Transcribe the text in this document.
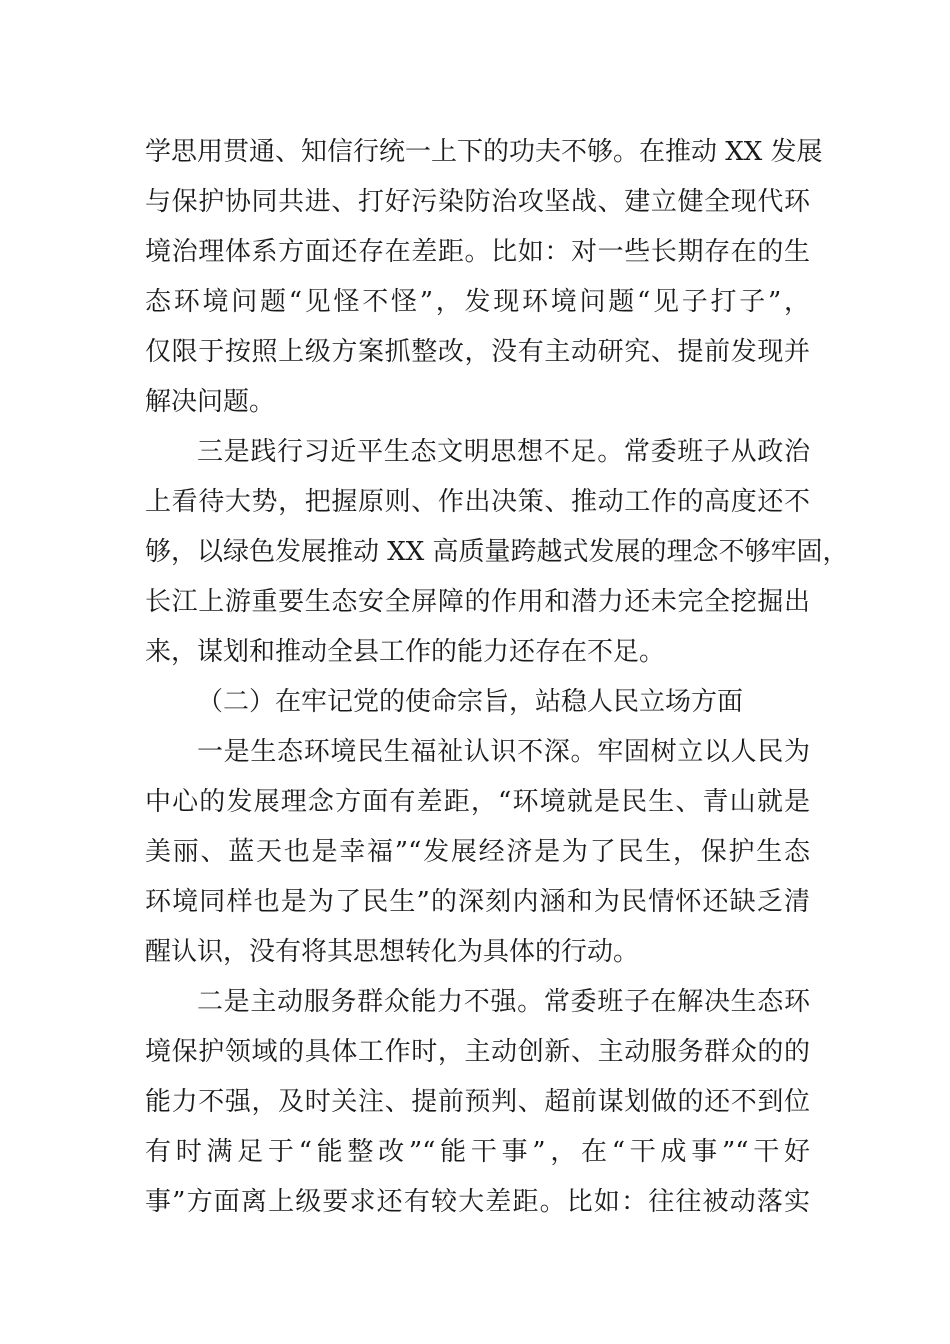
学思用贯通、知信行统一上下的功夫不够。在推动 XX 发展
与保护协同共进、打好污染防治攻坚战、建立健全现代环
境治理体系方面还存在差距。比如：对一些长期存在的生
态环境问题“见怪不怪”，发现环境问题“见子打子”，
仅限于按照上级方案抓整改，没有主动研究、提前发现并
解决问题。
三是践行习近平生态文明思想不足。常委班子从政治
上看待大势，把握原则、作出决策、推动工作的高度还不
够，以绿色发展推动 XX 高质量跨越式发展的理念不够牢固，
长江上游重要生态安全屏障的作用和潜力还未完全挖掘出
来，谋划和推动全县工作的能力还存在不足。
（二）在牢记党的使命宗旨，站稳人民立场方面
一是生态环境民生福祉认识不深。牢固树立以人民为
中心的发展理念方面有差距，“环境就是民生、青山就是
美丽、蓝天也是幸福”“发展经济是为了民生，保护生态
环境同样也是为了民生”的深刻内涵和为民情怀还缺乏清
醒认识，没有将其思想转化为具体的行动。
二是主动服务群众能力不强。常委班子在解决生态环
境保护领域的具体工作时，主动创新、主动服务群众的的
能力不强，及时关注、提前预判、超前谋划做的还不到位
有时满足于“能整改”“能干事”，在“干成事”“干好
事”方面离上级要求还有较大差距。比如：往往被动落实
